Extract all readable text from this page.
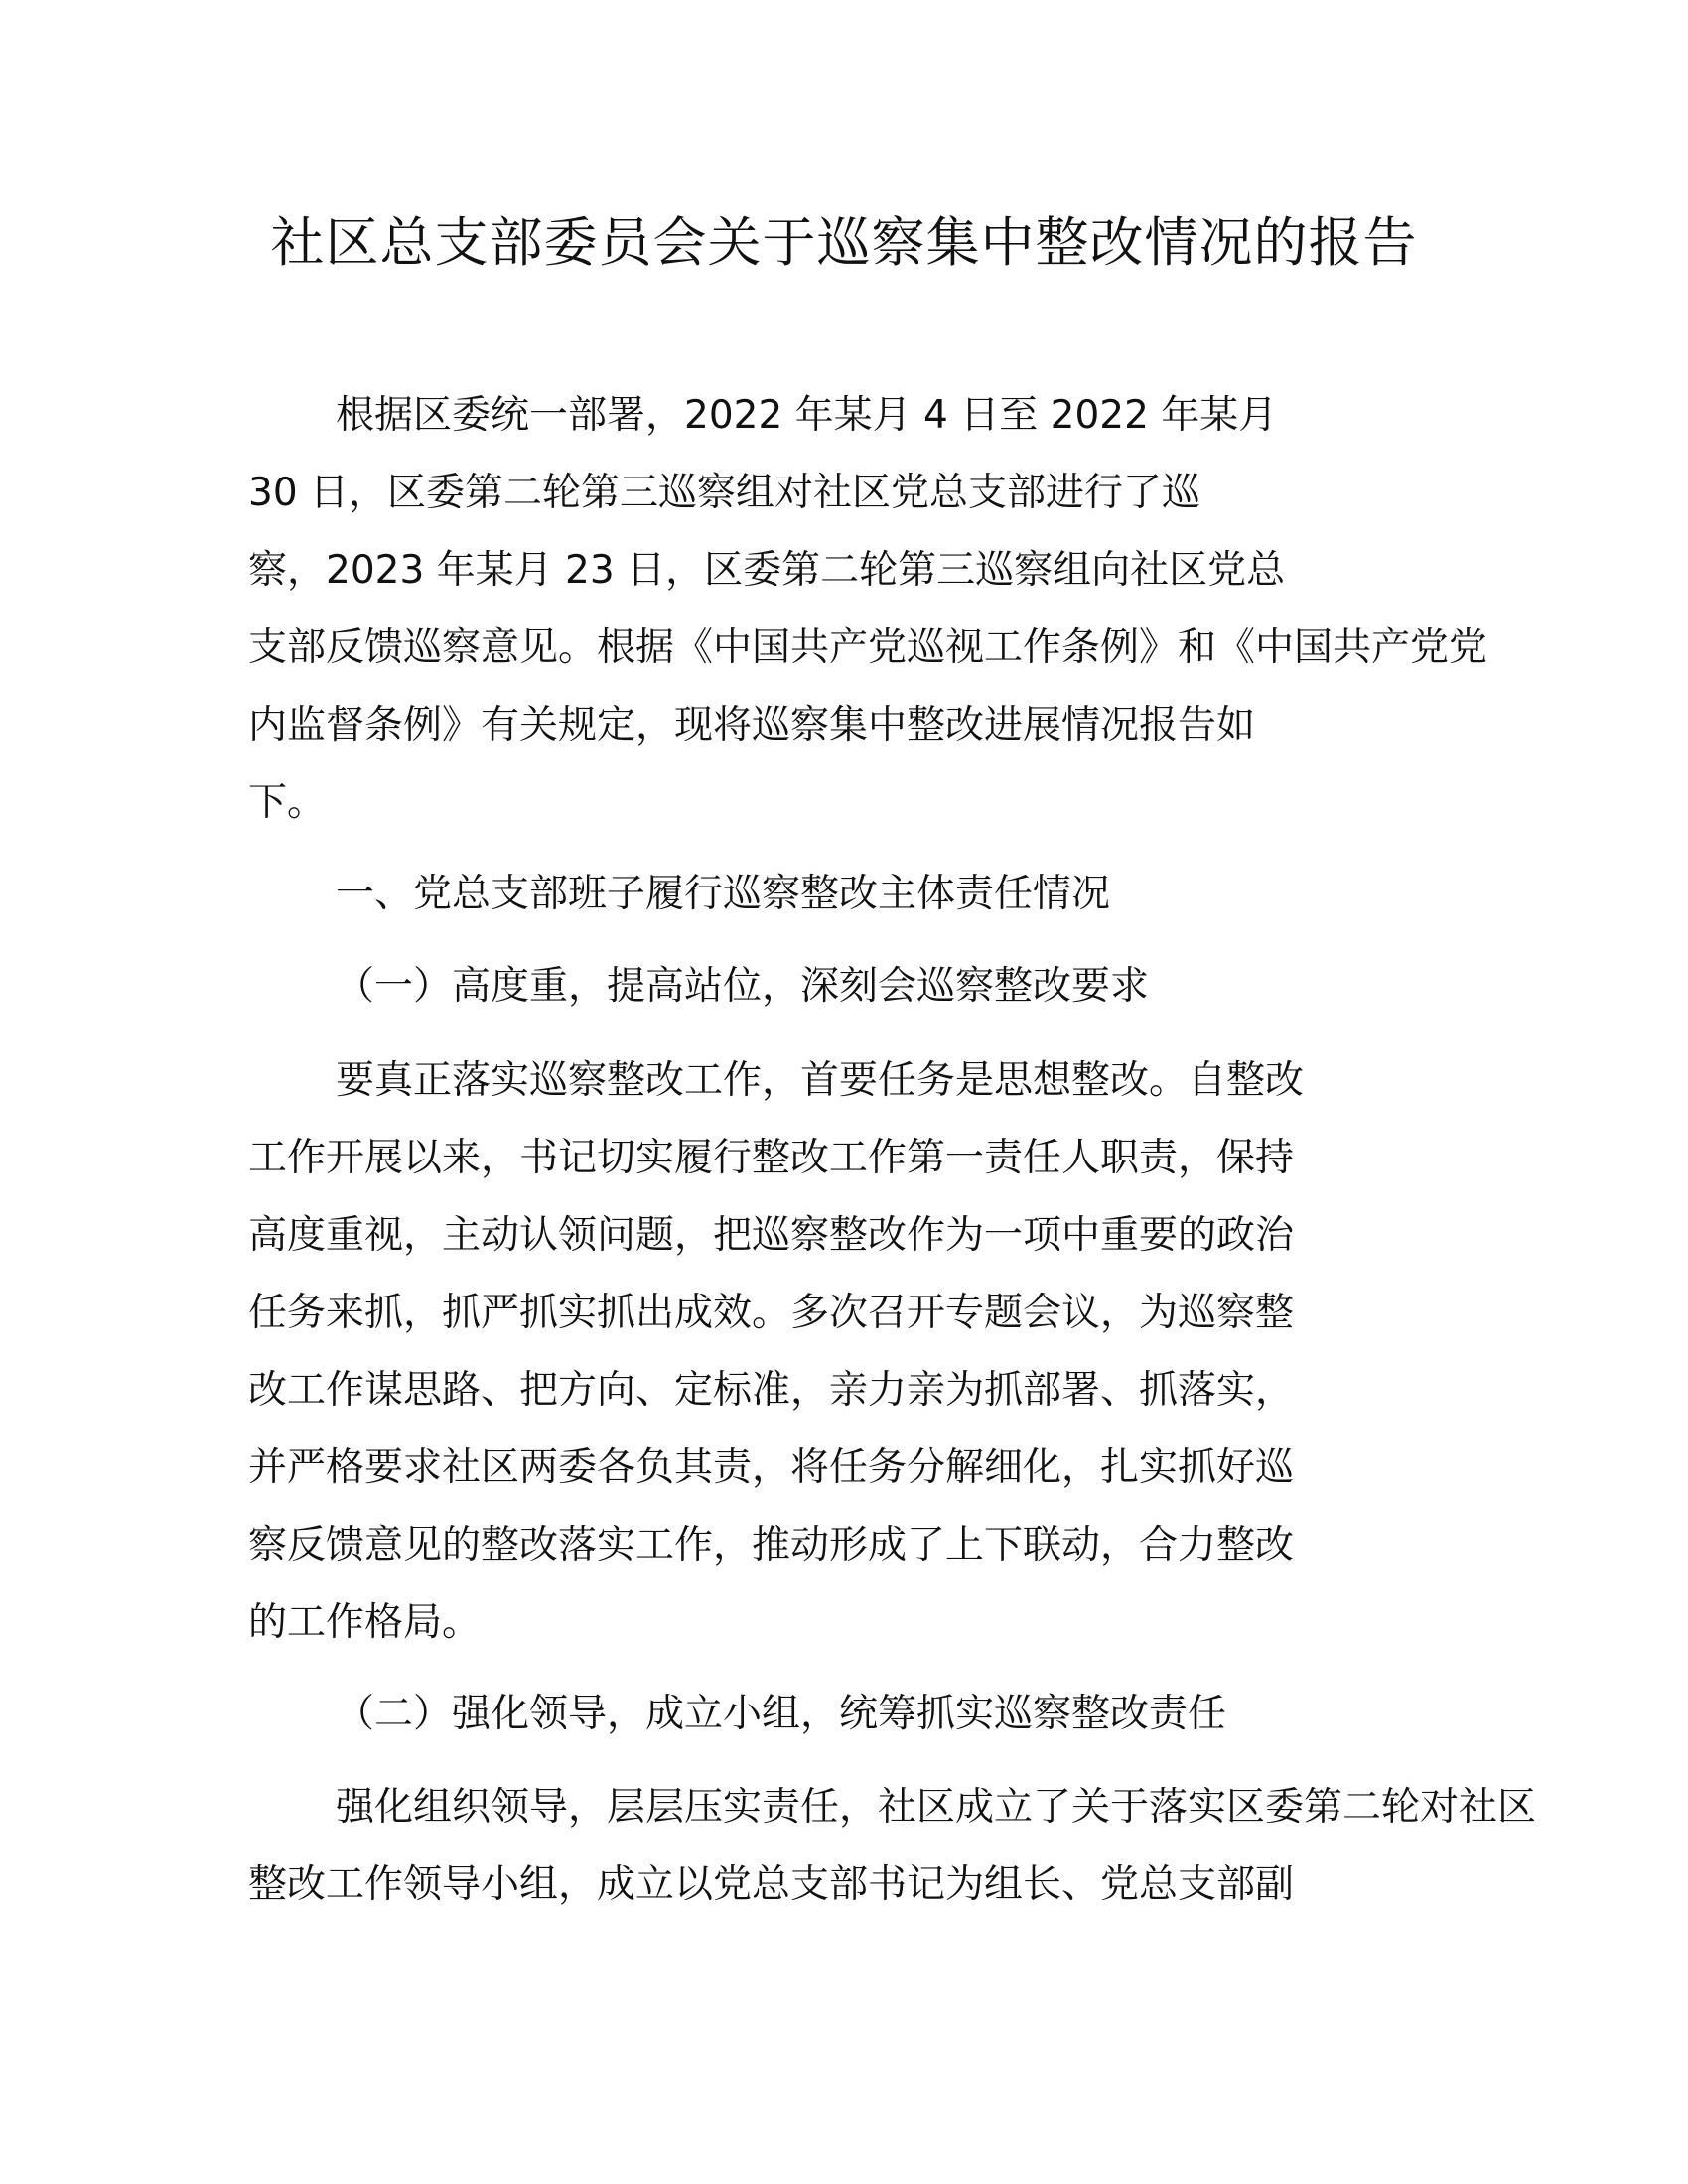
社区总支部委员会关于巡察集中整改情况的报告

根据区委统一部署，2022 年某月 4 日至 2022 年某月

30 日，区委第二轮第三巡察组对社区党总支部进行了巡

察，2023 年某月 23 日，区委第二轮第三巡察组向社区党总

支部反馈巡察意见。根据《中国共产党巡视工作条例》和《中国共产党党

内监督条例》有关规定，现将巡察集中整改进展情况报告如

下。

一、党总支部班子履行巡察整改主体责任情况

（一）高度重，提高站位，深刻会巡察整改要求

要真正落实巡察整改工作，首要任务是思想整改。自整改

工作开展以来，书记切实履行整改工作第一责任人职责，保持

高度重视，主动认领问题，把巡察整改作为一项中重要的政治

任务来抓，抓严抓实抓出成效。多次召开专题会议，为巡察整

改工作谋思路、把方向、定标准，亲力亲为抓部署、抓落实，

并严格要求社区两委各负其责，将任务分解细化，扎实抓好巡

察反馈意见的整改落实工作，推动形成了上下联动，合力整改

的工作格局。

（二）强化领导，成立小组，统筹抓实巡察整改责任

强化组织领导，层层压实责任，社区成立了关于落实区委第二轮对社区

整改工作领导小组，成立以党总支部书记为组长、党总支部副
